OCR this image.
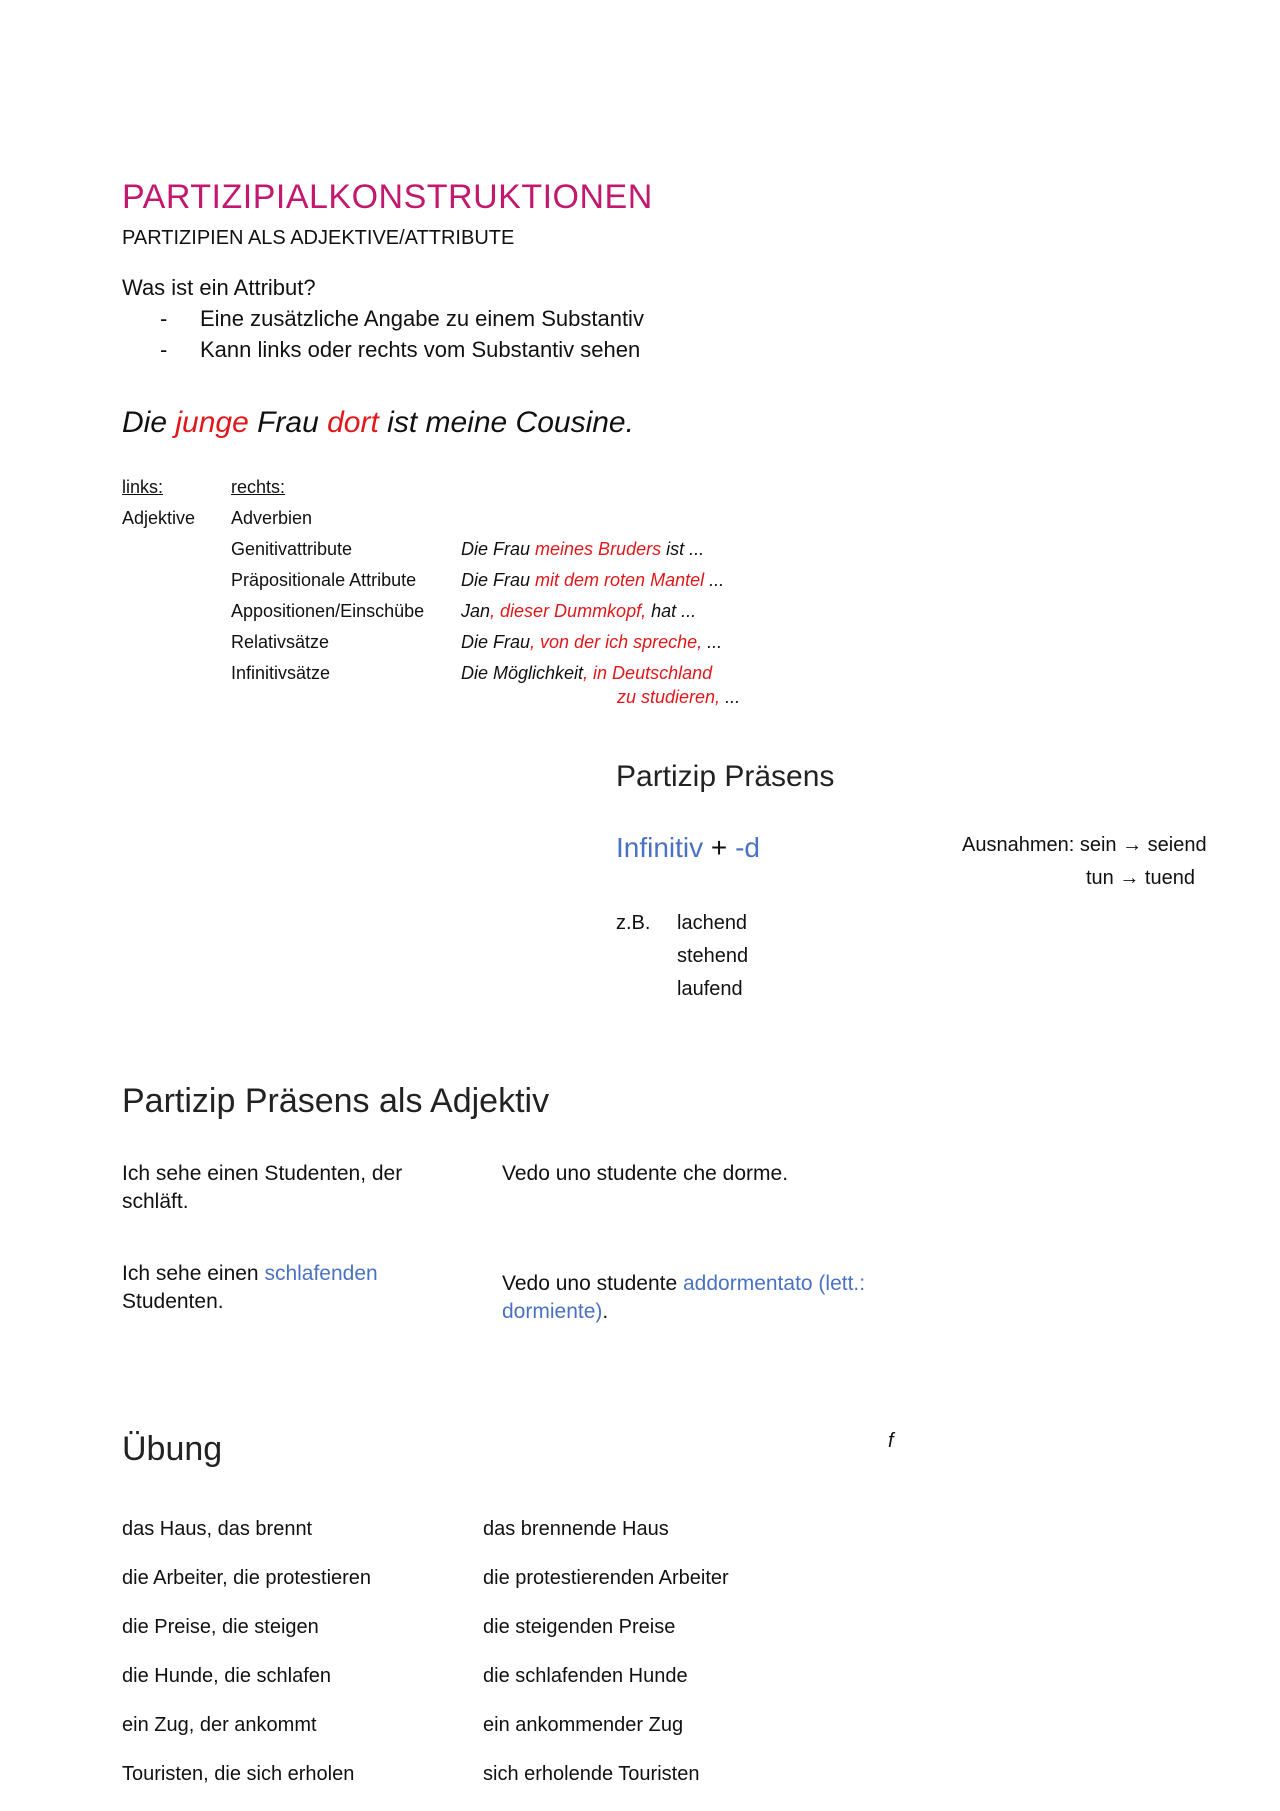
PARTIZIPIALKONSTRUKTIONEN
PARTIZIPIEN ALS ADJEKTIVE/ATTRIBUTE
Was ist ein Attribut?
- Eine zusätzliche Angabe zu einem Substantiv
- Kann links oder rechts vom Substantiv sehen
Die junge Frau dort ist meine Cousine.
links:	rechts:
Adjektive Adverbien
Genitivattribute	Die Frau meines Bruders ist ...
Präpositionale Attribute Die Frau mit dem roten Mantel ...
Appositionen/Einschübe Jan, dieser Dummkopf, hat ...
Relativsätze	Die Frau, von der ich spreche, ...
Infinitivsätze	Die Möglichkeit, in Deutschland
zu studieren, ...
Partizip Präsens
Infinitiv + -d	Ausnahmen: sein → seiend
tun → tuend
z.B. lachend
stehend
laufend
Partizip Präsens als Adjektiv
Ich sehe einen Studenten, der schläft.
Vedo uno studente che dorme.
Ich sehe einen schlafenden Studenten.
Vedo uno studente addormentato (lett.: dormiente).
Übung	f
das Haus, das brennt	das brennende Haus
die Arbeiter, die protestieren	die protestierenden Arbeiter
die Preise, die steigen	die steigenden Preise
die Hunde, die schlafen	die schlafenden Hunde
ein Zug, der ankommt	ein ankommender Zug
Touristen, die sich erholen	sich erholende Touristen
